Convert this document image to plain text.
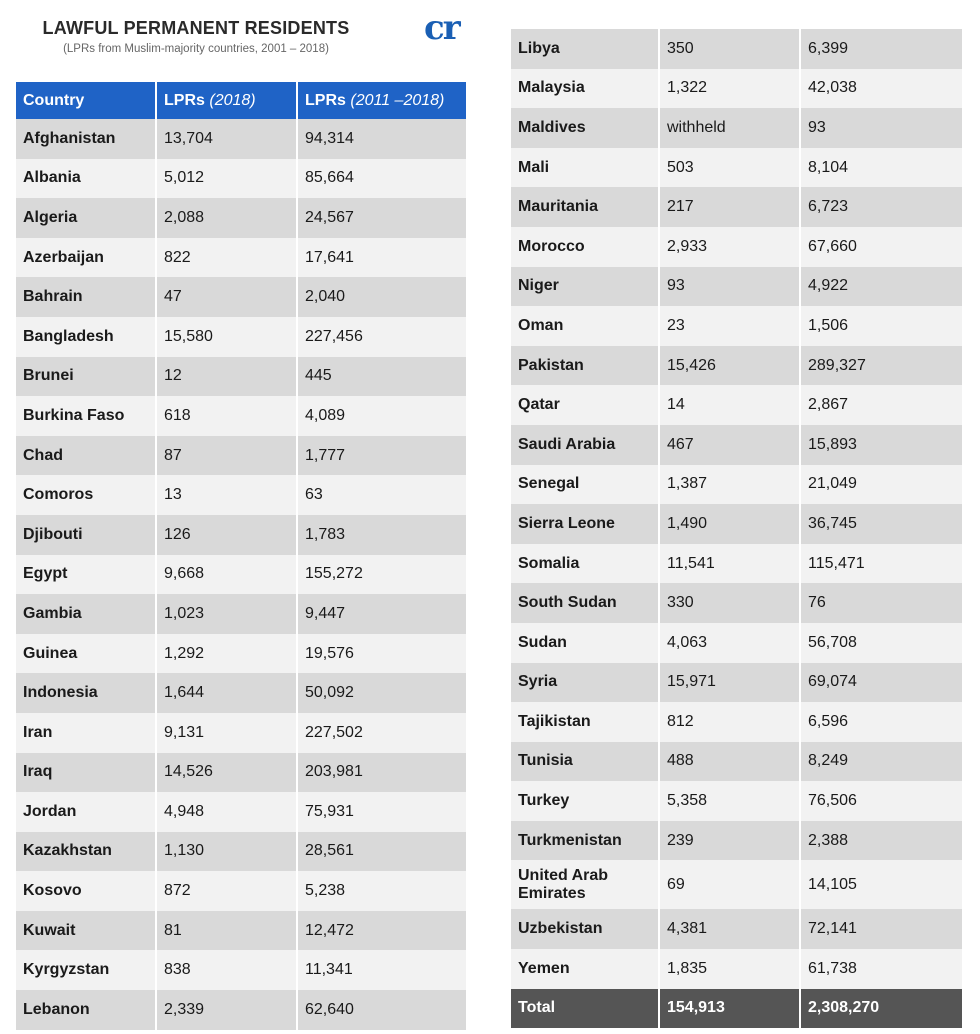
LAWFUL PERMANENT RESIDENTS
(LPRs from Muslim-majority countries, 2001 – 2018)
cr
Country	LPRs (2018)	LPRs (2011 –2018)
Afghanistan	13,704	94,314
Albania	5,012	85,664
Algeria	2,088	24,567
Azerbaijan	822	17,641
Bahrain	47	2,040
Bangladesh	15,580	227,456
Brunei	12	445
Burkina Faso	618	4,089
Chad	87	1,777
Comoros	13	63
Djibouti	126	1,783
Egypt	9,668	155,272
Gambia	1,023	9,447
Guinea	1,292	19,576
Indonesia	1,644	50,092
Iran	9,131	227,502
Iraq	14,526	203,981
Jordan	4,948	75,931
Kazakhstan	1,130	28,561
Kosovo	872	5,238
Kuwait	81	12,472
Kyrgyzstan	838	11,341
Lebanon	2,339	62,640
Libya	350	6,399
Malaysia	1,322	42,038
Maldives	withheld	93
Mali	503	8,104
Mauritania	217	6,723
Morocco	2,933	67,660
Niger	93	4,922
Oman	23	1,506
Pakistan	15,426	289,327
Qatar	14	2,867
Saudi Arabia	467	15,893
Senegal	1,387	21,049
Sierra Leone	1,490	36,745
Somalia	11,541	115,471
South Sudan	330	76
Sudan	4,063	56,708
Syria	15,971	69,074
Tajikistan	812	6,596
Tunisia	488	8,249
Turkey	5,358	76,506
Turkmenistan	239	2,388
United Arab Emirates	69	14,105
Uzbekistan	4,381	72,141
Yemen	1,835	61,738
Total	154,913	2,308,270
